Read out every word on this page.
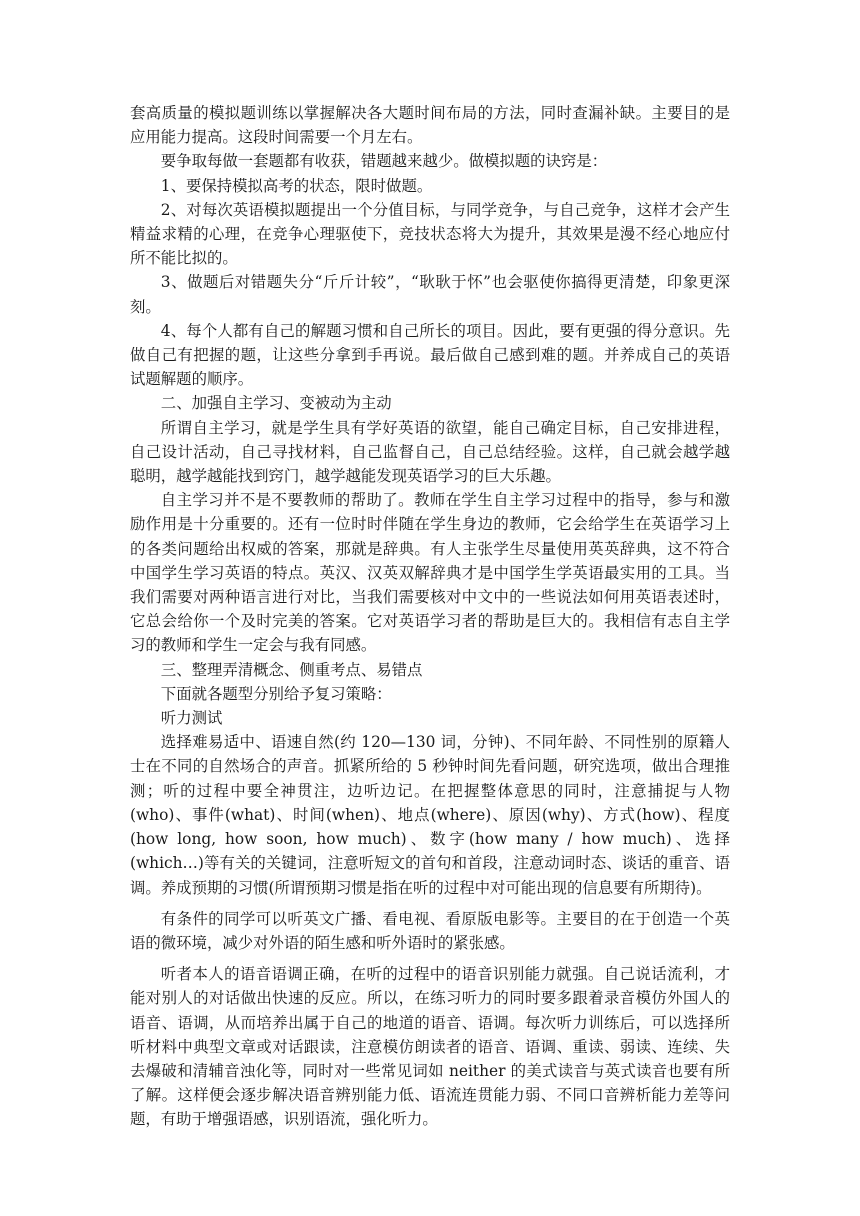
套高质量的模拟题训练以掌握解决各大题时间布局的方法，同时查漏补缺。主要目的是应用能力提高。这段时间需要一个月左右。

要争取每做一套题都有收获，错题越来越少。做模拟题的诀窍是：

1、要保持模拟高考的状态，限时做题。

2、对每次英语模拟题提出一个分值目标，与同学竞争，与自己竞争，这样才会产生精益求精的心理，在竞争心理驱使下，竞技状态将大为提升，其效果是漫不经心地应付所不能比拟的。

3、做题后对错题失分“斤斤计较”，“耿耿于怀”也会驱使你搞得更清楚，印象更深刻。

4、每个人都有自己的解题习惯和自己所长的项目。因此，要有更强的得分意识。先做自己有把握的题，让这些分拿到手再说。最后做自己感到难的题。并养成自己的英语试题解题的顺序。

二、加强自主学习、变被动为主动

所谓自主学习，就是学生具有学好英语的欲望，能自己确定目标，自己安排进程，自己设计活动，自己寻找材料，自己监督自己，自己总结经验。这样，自己就会越学越聪明，越学越能找到窍门，越学越能发现英语学习的巨大乐趣。

自主学习并不是不要教师的帮助了。教师在学生自主学习过程中的指导，参与和激励作用是十分重要的。还有一位时时伴随在学生身边的教师，它会给学生在英语学习上的各类问题给出权威的答案，那就是辞典。有人主张学生尽量使用英英辞典，这不符合中国学生学习英语的特点。英汉、汉英双解辞典才是中国学生学英语最实用的工具。当我们需要对两种语言进行对比，当我们需要核对中文中的一些说法如何用英语表述时，它总会给你一个及时完美的答案。它对英语学习者的帮助是巨大的。我相信有志自主学习的教师和学生一定会与我有同感。

三、整理弄清概念、侧重考点、易错点

下面就各题型分别给予复习策略：

听力测试

选择难易适中、语速自然(约 120—130 词，分钟)、不同年龄、不同性别的原籍人士在不同的自然场合的声音。抓紧所给的 5 秒钟时间先看问题，研究选项，做出合理推测；听的过程中要全神贯注，边听边记。在把握整体意思的同时，注意捕捉与人物(who)、事件(what)、时间(when)、地点(where)、原因(why)、方式(how)、程度(how long, how soon, how much)、数字(how many / how much)、选择(which…)等有关的关键词，注意听短文的首句和首段，注意动词时态、谈话的重音、语调。养成预期的习惯(所谓预期习惯是指在听的过程中对可能出现的信息要有所期待)。

有条件的同学可以听英文广播、看电视、看原版电影等。主要目的在于创造一个英语的微环境，减少对外语的陌生感和听外语时的紧张感。

听者本人的语音语调正确，在听的过程中的语音识别能力就强。自己说话流利，才能对别人的对话做出快速的反应。所以，在练习听力的同时要多跟着录音模仿外国人的语音、语调，从而培养出属于自己的地道的语音、语调。每次听力训练后，可以选择所听材料中典型文章或对话跟读，注意模仿朗读者的语音、语调、重读、弱读、连续、失去爆破和清辅音浊化等，同时对一些常见词如 neither 的美式读音与英式读音也要有所了解。这样便会逐步解决语音辨别能力低、语流连贯能力弱、不同口音辨析能力差等问题，有助于增强语感，识别语流，强化听力。
